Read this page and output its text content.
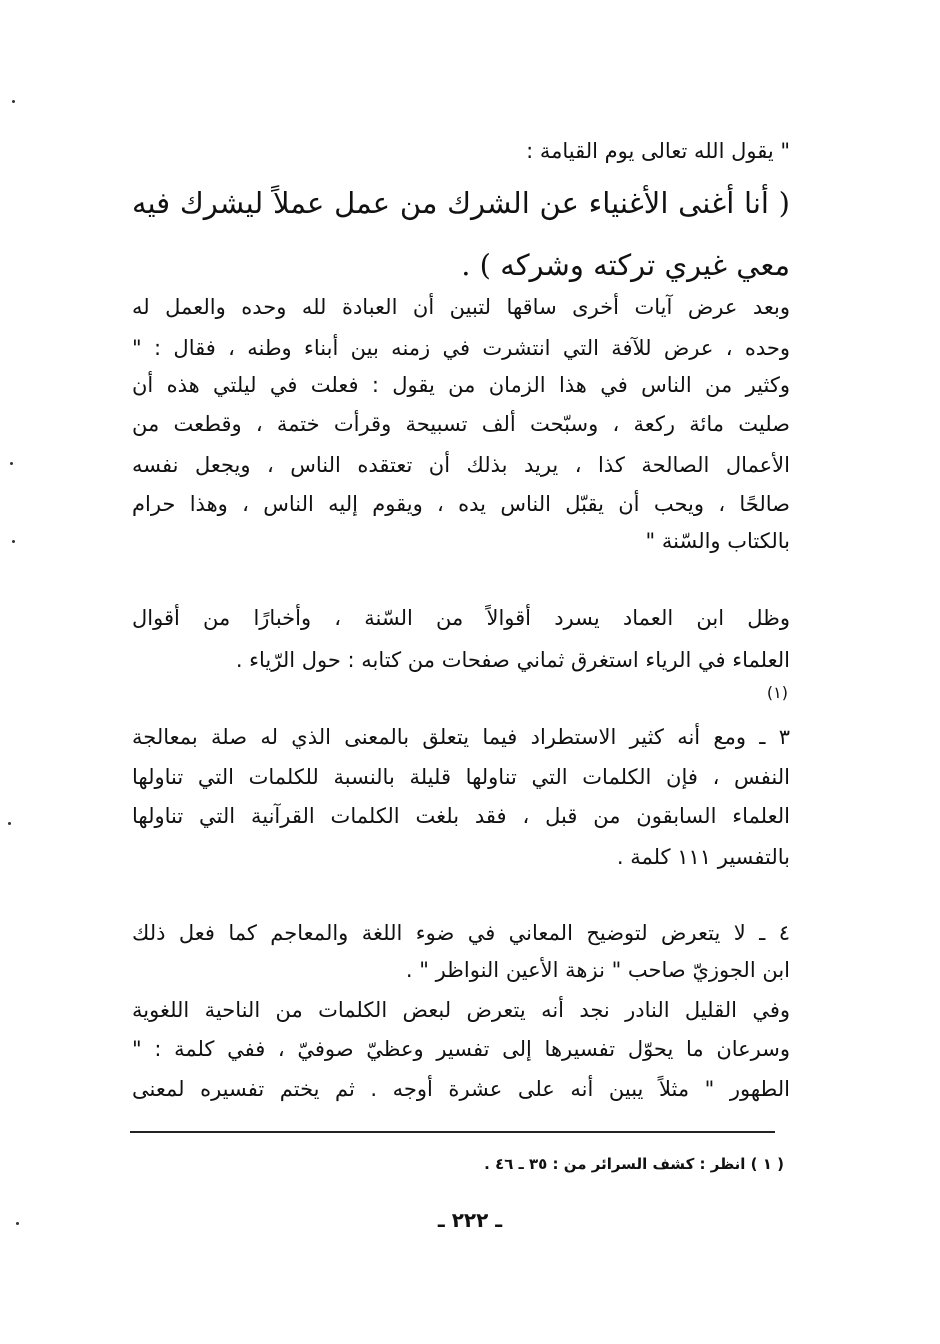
" يقول الله تعالى يوم القيامة :
( أنا أغنى الأغنياء عن الشرك من عمل عملاً ليشرك فيه
معي غيري تركته وشركه ) .
وبعد عرض آيات أخرى ساقها لتبين أن العبادة لله وحده والعمل له
وحده ، عرض للآفة التي انتشرت في زمنه بين أبناء وطنه ، فقال : "
وكثير من الناس في هذا الزمان من يقول : فعلت في ليلتي هذه أن
صليت مائة ركعة ، وسبّحت ألف تسبيحة وقرأت ختمة ، وقطعت من
الأعمال الصالحة كذا ، يريد بذلك أن تعتقده الناس ، ويجعل نفسه
صالحًا ، ويحب أن يقبّل الناس يده ، ويقوم إليه الناس ، وهذا حرام
بالكتاب والسّنة "
وظل ابن العماد يسرد أقوالاً من السّنة ، وأخبارًا من أقوال
العلماء في الرياء استغرق ثماني صفحات من كتابه : حول الرّياء .
(١)
٣ ـ ومع أنه كثير الاستطراد فيما يتعلق بالمعنى الذي له صلة بمعالجة
النفس ، فإن الكلمات التي تناولها قليلة بالنسبة للكلمات التي تناولها
العلماء السابقون من قبل ، فقد بلغت الكلمات القرآنية التي تناولها
بالتفسير ١١١ كلمة .
٤ ـ لا يتعرض لتوضيح المعاني في ضوء اللغة والمعاجم كما فعل ذلك
ابن الجوزيّ صاحب " نزهة الأعين النواظر " .
وفي القليل النادر نجد أنه يتعرض لبعض الكلمات من الناحية اللغوية
وسرعان ما يحوّل تفسيرها إلى تفسير وعظيّ صوفيّ ، ففي كلمة : "
الطهور " مثلاً يبين أنه على عشرة أوجه . ثم يختم تفسيره لمعنى
( ١ ) انظر : كشف السرائر من : ٣٥ ـ ٤٦ .
ـ ٢٢٢ ـ
